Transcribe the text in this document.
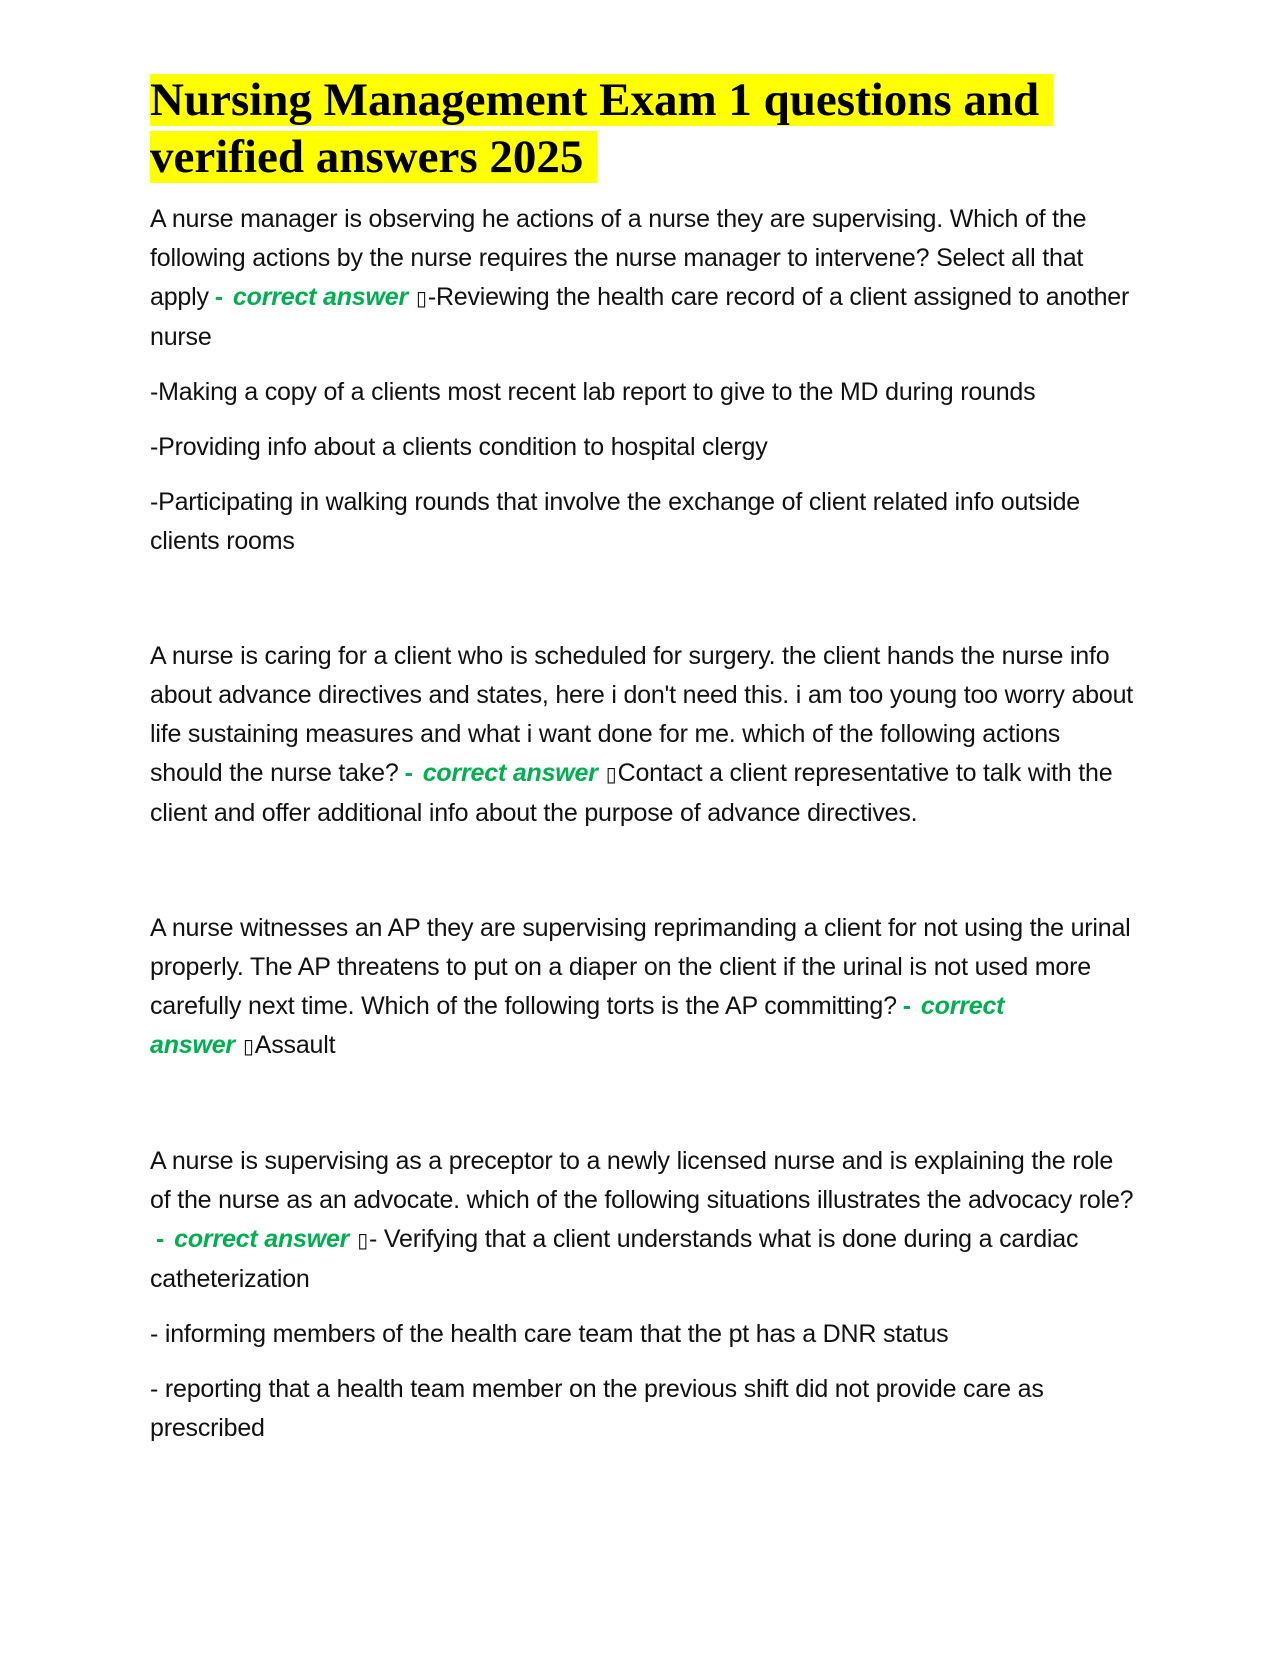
Nursing Management Exam 1 questions and verified answers 2025

A nurse manager is observing he actions of a nurse they are supervising. Which of the following actions by the nurse requires the nurse manager to intervene? Select all that apply - correct answer ▯-Reviewing the health care record of a client assigned to another nurse

-Making a copy of a clients most recent lab report to give to the MD during rounds

-Providing info about a clients condition to hospital clergy

-Participating in walking rounds that involve the exchange of client related info outside clients rooms

A nurse is caring for a client who is scheduled for surgery. the client hands the nurse info about advance directives and states, here i don't need this. i am too young too worry about life sustaining measures and what i want done for me. which of the following actions should the nurse take? - correct answer ▯Contact a client representative to talk with the client and offer additional info about the purpose of advance directives.

A nurse witnesses an AP they are supervising reprimanding a client for not using the urinal properly. The AP threatens to put on a diaper on the client if the urinal is not used more carefully next time. Which of the following torts is the AP committing? - correct answer ▯Assault

A nurse is supervising as a preceptor to a newly licensed nurse and is explaining the role of the nurse as an advocate. which of the following situations illustrates the advocacy role?- correct answer ▯- Verifying that a client understands what is done during a cardiac catheterization

- informing members of the health care team that the pt has a DNR status

- reporting that a health team member on the previous shift did not provide care as prescribed
